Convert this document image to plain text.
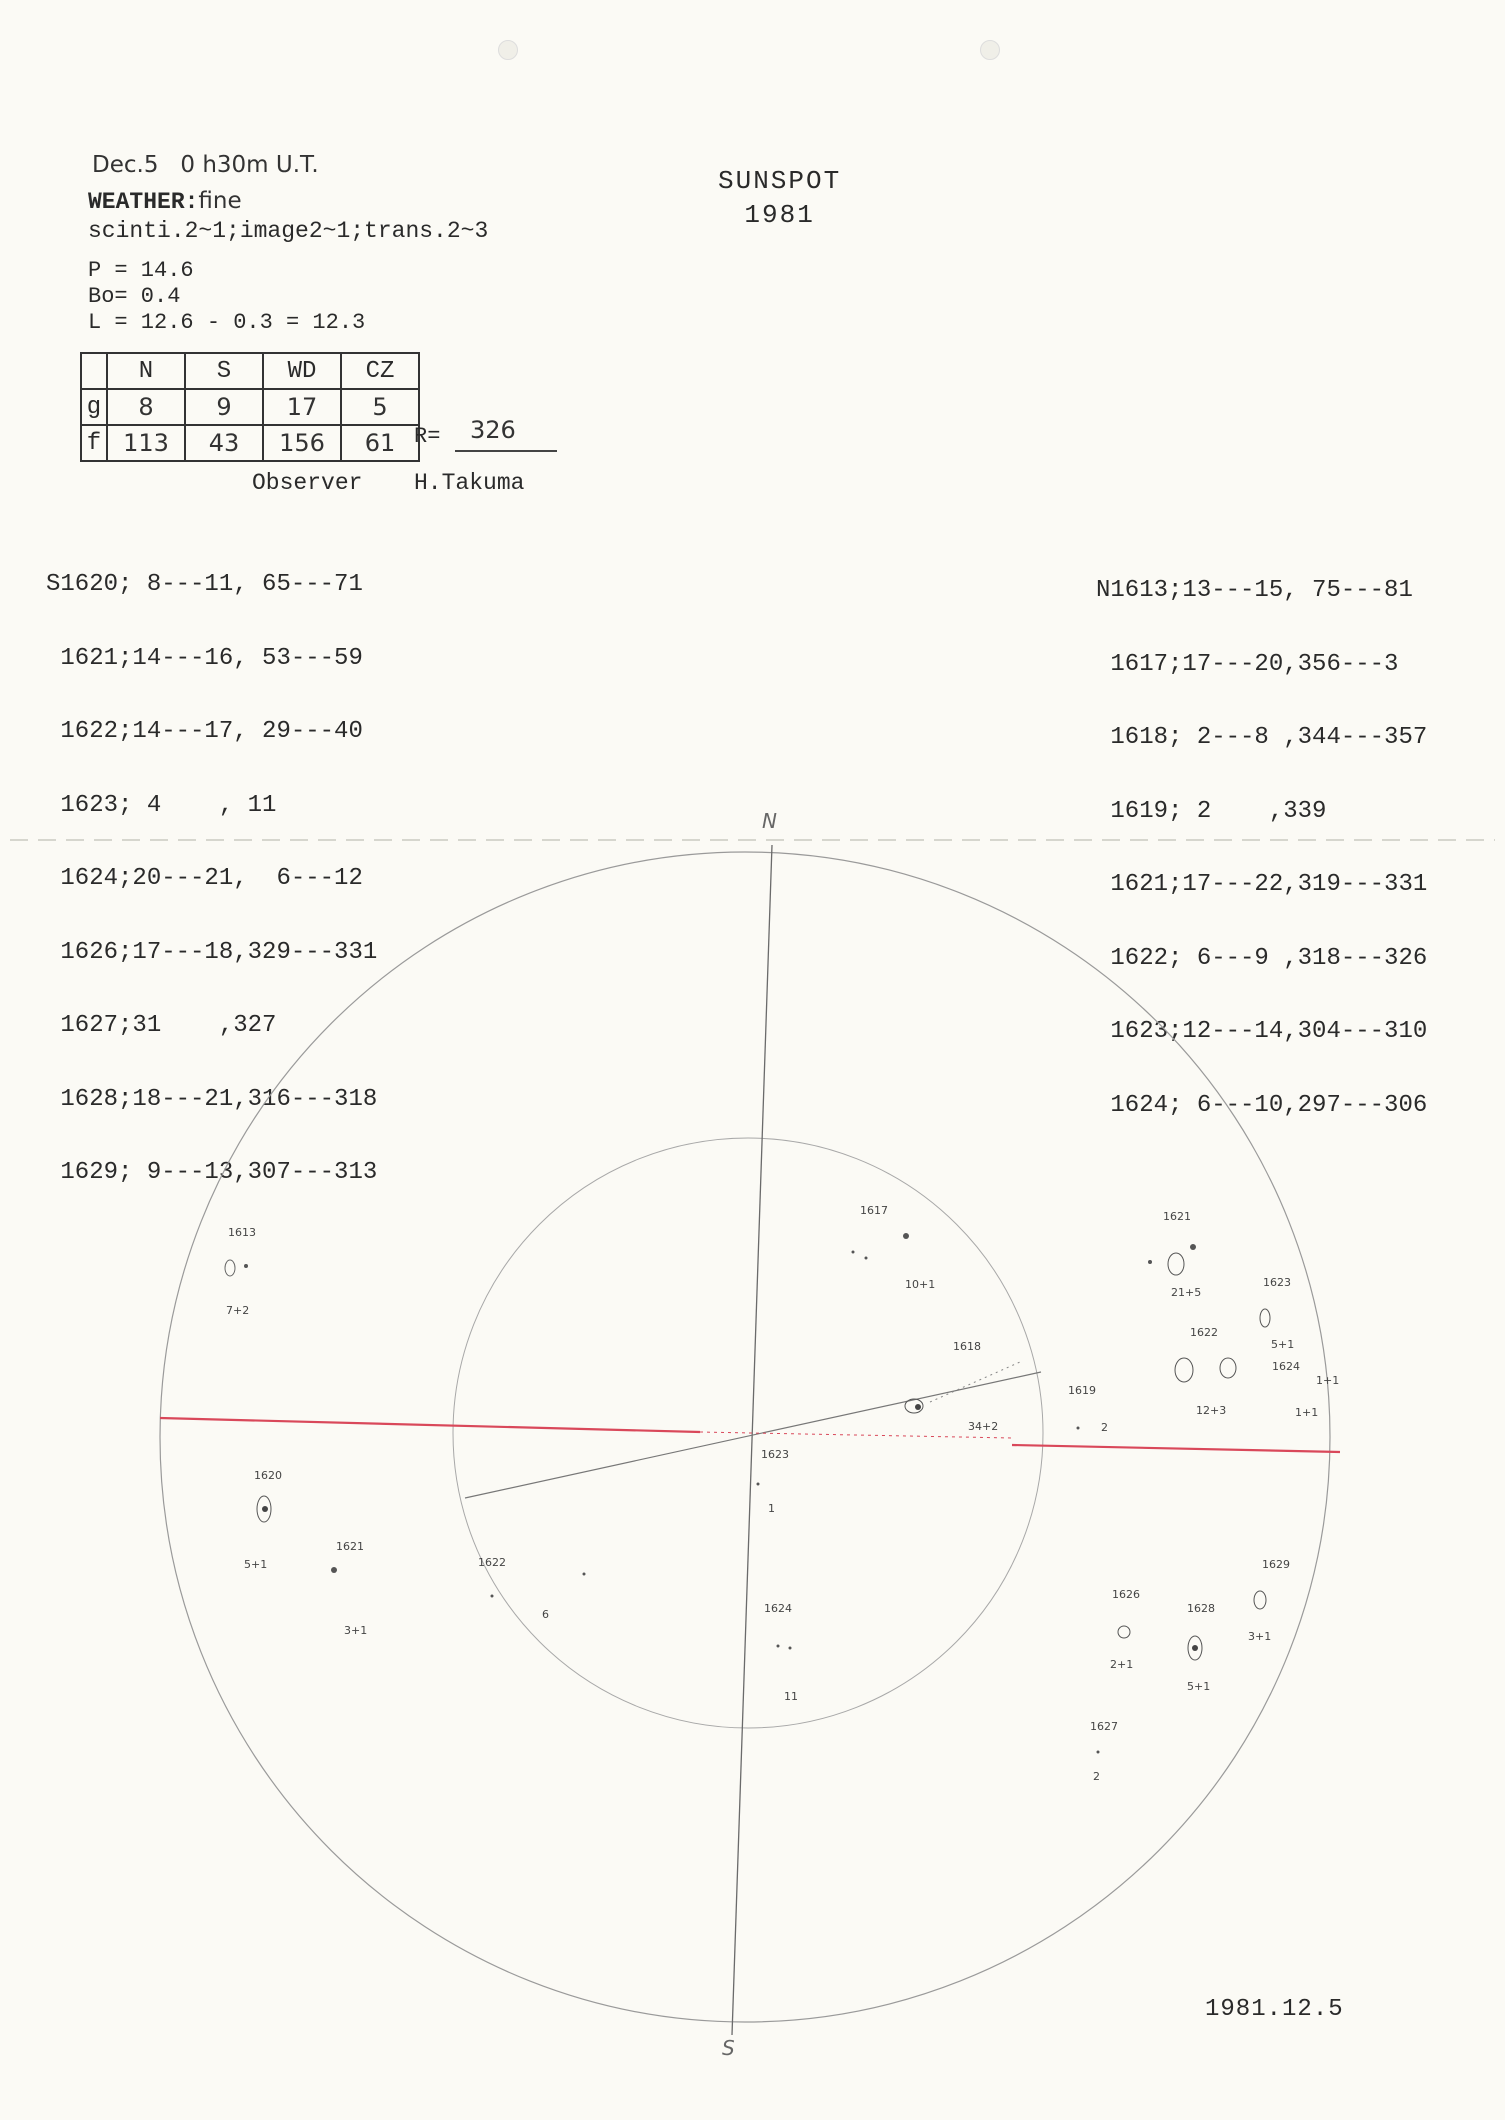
Dec.5 0 h30m U.T.
WEATHER:fine
scinti.2~1;image2~1;trans.2~3
P = 14.6
Bo= 0.4
L = 12.6 - 0.3 = 12.3
SUNSPOT
1981
	N	S	WD	CZ
g	8	9	17	5
f	113	43	156	61 R= 326
Observer H.Takuma

S1620; 8---11, 65---71

1621;14---16, 53---59

1622;14---17, 29---40

1623; 4    , 11

1624;20---21,  6---12

1626;17---18,329---331

1627;31    ,327

1628;18---21,316---318

1629; 9---13,307---313

N1613;13---15, 75---81

1617;17---20,356---3

1618; 2---8 ,344---357

1619; 2    ,339

1621;17---22,319---331

1622; 6---9 ,318---326

1623;12---14,304---310

1624; 6---10,297---306

N
S
1613
7+2
1617
10+1
1618
34+2
1619
2
1621
21+5
1622
12+3
1623
5+1
1624
1+1
1+1
1623
1
1624
11
1622
6
1620
5+1
1621
3+1
1626
2+1
1628
5+1
1629
3+1
1627
2
1981.12.5
